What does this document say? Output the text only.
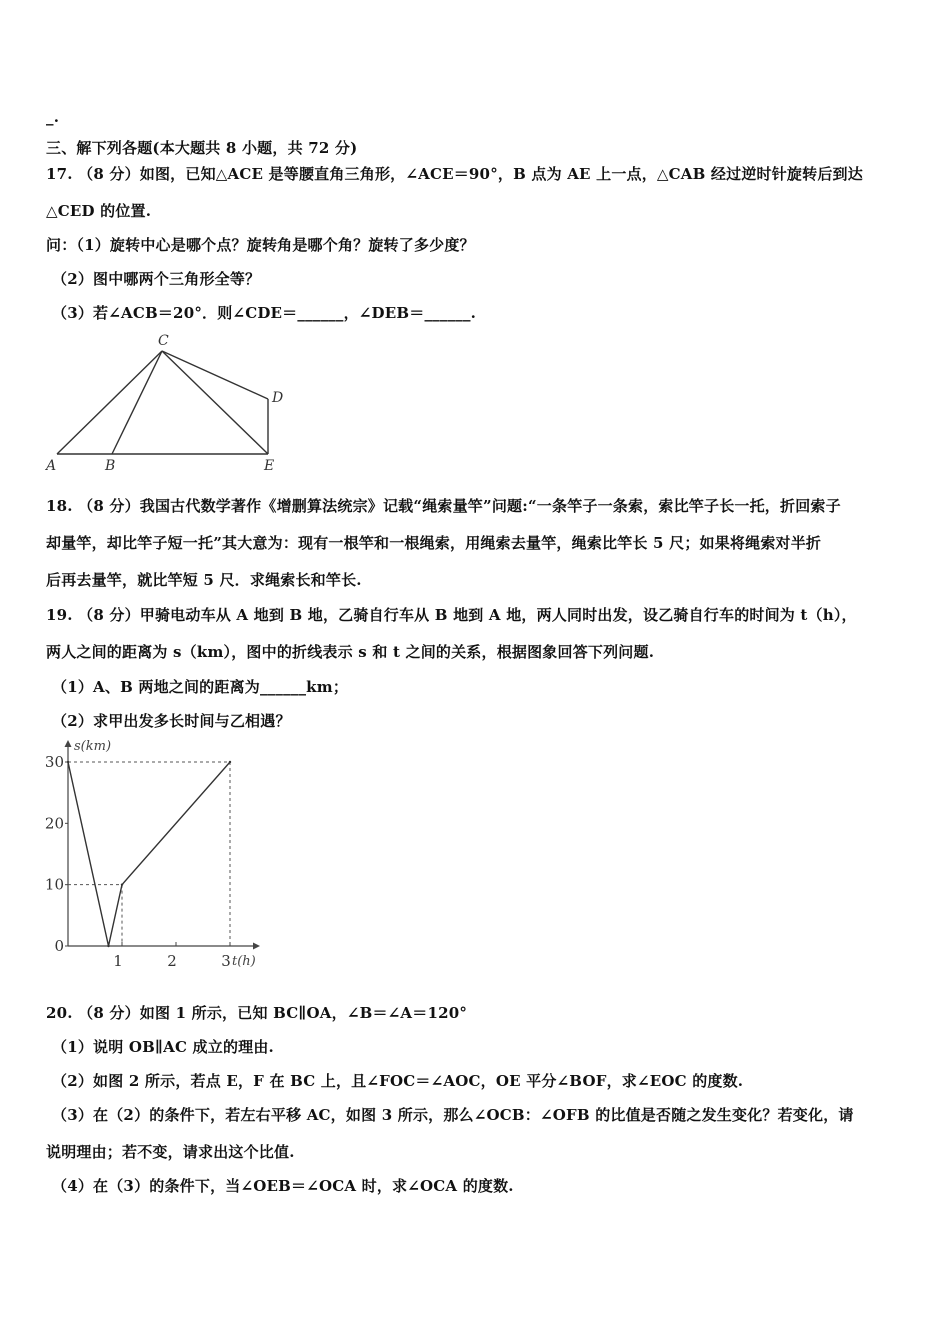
_.
三、解下列各题(本大题共 8 小题，共 72 分)
17. （8 分）如图，已知△ACE 是等腰直角三角形，∠ACE＝90°，B 点为 AE 上一点，△CAB 经过逆时针旋转后到达
△CED 的位置.
问：（1）旋转中心是哪个点？旋转角是哪个角？旋转了多少度？
（2）图中哪两个三角形全等？
（3）若∠ACB＝20°．则∠CDE＝______，∠DEB＝______.
C
D
A	B	E
18. （8 分）我国古代数学著作《增删算法统宗》记载“绳索量竿”问题:“一条竿子一条索，索比竿子长一托，折回索子
却量竿，却比竿子短一托”其大意为：现有一根竿和一根绳索，用绳索去量竿，绳索比竿长 5 尺；如果将绳索对半折
后再去量竿，就比竿短 5 尺．求绳索长和竿长.
19. （8 分）甲骑电动车从 A 地到 B 地，乙骑自行车从 B 地到 A 地，两人同时出发，设乙骑自行车的时间为 t（h），
两人之间的距离为 s（km），图中的折线表示 s 和 t 之间的关系，根据图象回答下列问题.
（1）A、B 两地之间的距离为______km；
（2）求甲出发多长时间与乙相遇？
0
10
20
30
1	2	3 t(h)
s(km)
20. （8 分）如图 1 所示，已知 BC∥OA，∠B＝∠A＝120°
（1）说明 OB∥AC 成立的理由.
（2）如图 2 所示，若点 E，F 在 BC 上，且∠FOC＝∠AOC，OE 平分∠BOF，求∠EOC 的度数.
（3）在（2）的条件下，若左右平移 AC，如图 3 所示，那么∠OCB：∠OFB 的比值是否随之发生变化？若变化，请
说明理由；若不变，请求出这个比值.
（4）在（3）的条件下，当∠OEB＝∠OCA 时，求∠OCA 的度数.
